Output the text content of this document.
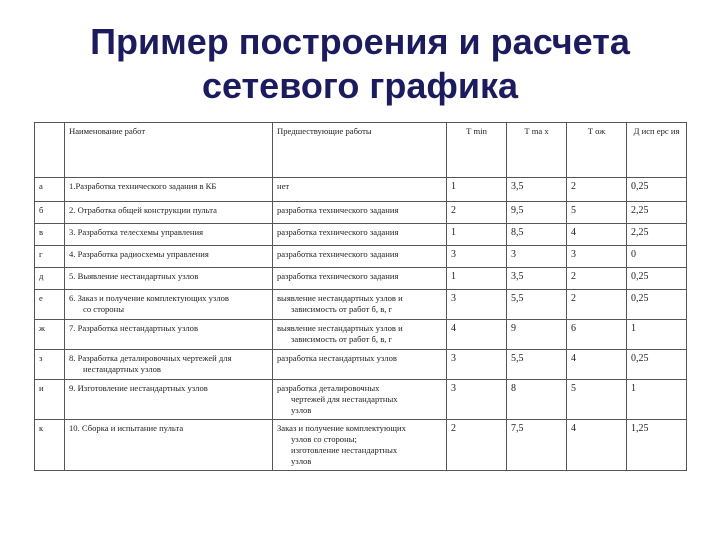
Пример построения и расчета
сетевого графика
	Наименование работ	Предшествующие работы	Т min	Т ma x	Т ож	Д исп ерс ия

а	1.Разработка технического задания в КБ	нет	1	3,5	2	0,25

б	2. Отработка общей конструкции пульта	разработка технического задания	2	9,5	5	2,25

в	3. Разработка телесхемы управления	разработка технического задания	1	8,5	4	2,25

г	4. Разработка радиосхемы управления	разработка технического задания	3	3	3	0

д	5. Выявление нестандартных узлов	разработка технического задания	1	3,5	2	0,25

е	6. Заказ и получение комплектующих узлов
со стороны	выявление нестандартных узлов и
зависимость от работ б, в, г	3	5,5	2	0,25

ж	7. Разработка нестандартных узлов	выявление нестандартных узлов и
зависимость от работ б, в, г	4	9	6	1

з	8. Разработка деталировочных чертежей для
нестандартных узлов	разработка нестандартных узлов	3	5,5	4	0,25

и	9. Изготовление нестандартных узлов	разработка деталировочных
чертежей для нестандартных
узлов	3	8	5	1

к	10. Сборка и испытание пульта	Заказ и получение комплектующих
узлов со стороны;
изготовление нестандартных
узлов	2	7,5	4	1,25
